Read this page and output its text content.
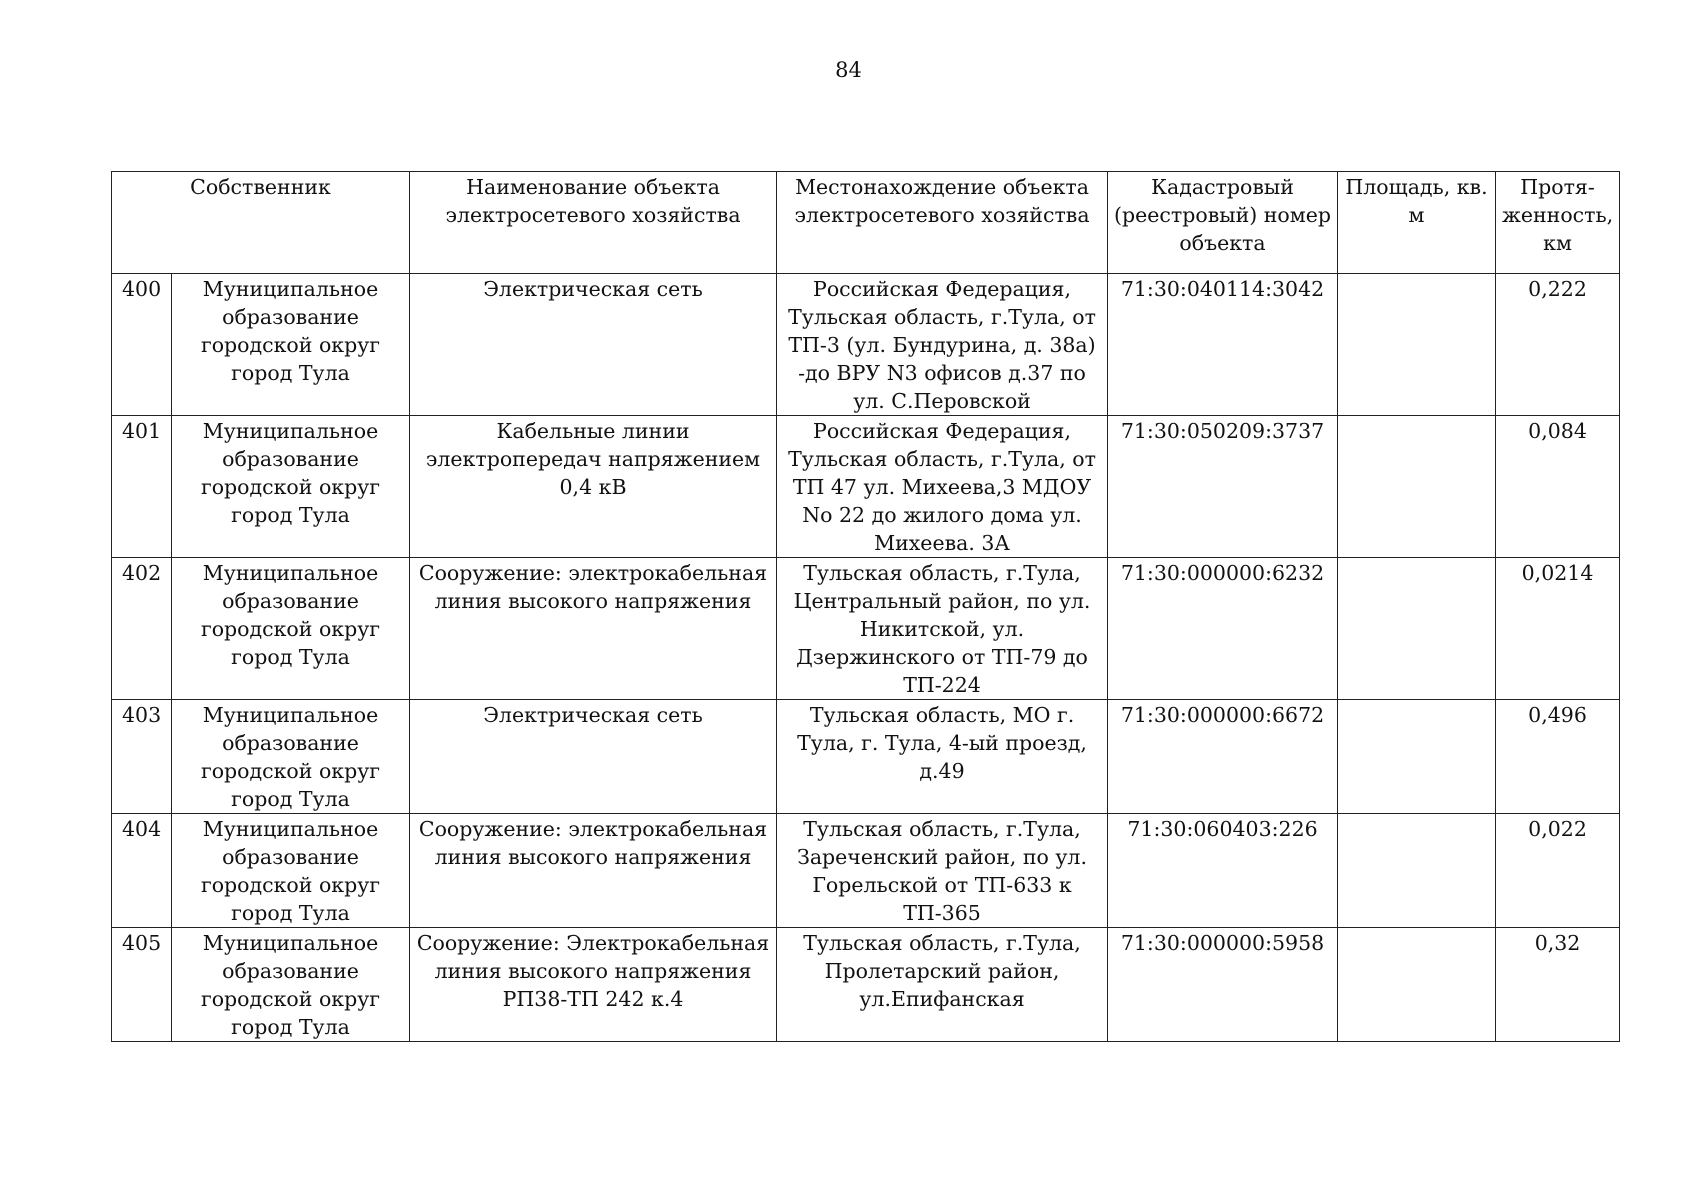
84
Собственник		Наименование объекта электросетевого хозяйства	Местонахождение объекта электросетевого хозяйства	Кадастровый (реестровый) номер объекта	Площадь, кв. м	Протя-женность, км
400	Муниципальное образование городской округ город Тула	Электрическая сеть	Российская Федерация, Тульская область, г.Тула, от ТП-3 (ул. Бундурина, д. 38а) -до ВРУ N3 офисов д.37 по ул. С.Перовской	71:30:040114:3042		0,222
401	Муниципальное образование городской округ город Тула	Кабельные линии электропередач напряжением 0,4 кВ	Российская Федерация, Тульская область, г.Тула, от ТП 47 ул. Михеева,3 МДОУ No 22 до жилого дома ул. Михеева. 3А	71:30:050209:3737		0,084
402	Муниципальное образование городской округ город Тула	Сооружение: электрокабельная линия высокого напряжения	Тульская область, г.Тула, Центральный район, по ул. Никитской, ул. Дзержинского от ТП-79 до ТП-224	71:30:000000:6232		0,0214
403	Муниципальное образование городской округ город Тула	Электрическая сеть	Тульская область, МО г. Тула, г. Тула, 4-ый проезд, д.49	71:30:000000:6672		0,496
404	Муниципальное образование городской округ город Тула	Сооружение: электрокабельная линия высокого напряжения	Тульская область, г.Тула, Зареченский район, по ул. Горельской от ТП-633 к ТП-365	71:30:060403:226		0,022
405	Муниципальное образование городской округ город Тула	Сооружение: Электрокабельная линия высокого напряжения РП38-ТП 242 к.4	Тульская область, г.Тула, Пролетарский район, ул.Епифанская	71:30:000000:5958		0,32
